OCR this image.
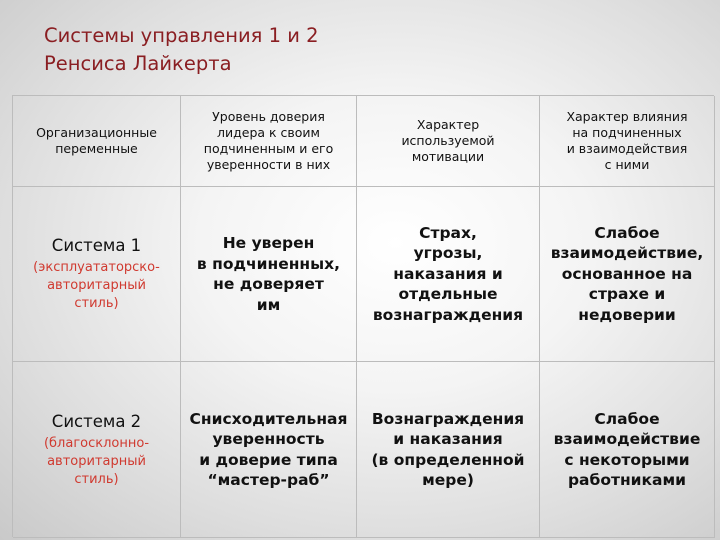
Системы управления 1 и 2
Ренсиса Лайкерта
Организационные
переменные
Уровень доверия
лидера к своим
подчиненным и его
уверенности в них
Характер
используемой
мотивации
Характер влияния
на подчиненных
и взаимодействия
с ними
Система 1
(эксплуататорско-
авторитарный
стиль)
Не уверен
в подчиненных,
не доверяет
им
Страх,
угрозы,
наказания и
отдельные
вознаграждения
Слабое
взаимодействие,
основанное на
страхе и
недоверии
Система 2
(благосклонно-
авторитарный
стиль)
Снисходительная
уверенность
и доверие типа
“мастер-раб”
Вознаграждения
и наказания
(в определенной
мере)
Слабое
взаимодействие
с некоторыми
работниками
